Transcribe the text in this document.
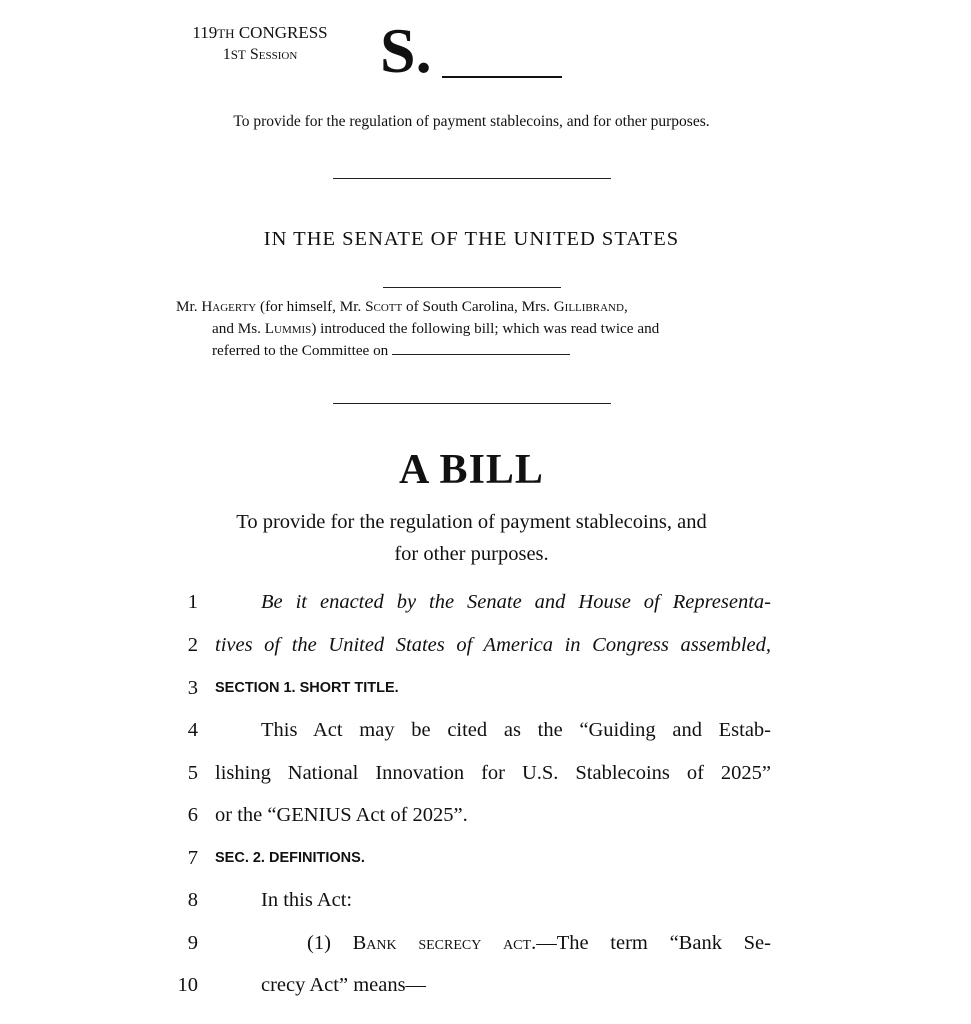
119TH CONGRESS
1ST Session	S.
To provide for the regulation of payment stablecoins, and for other purposes.
IN THE SENATE OF THE UNITED STATES
Mr. Hagerty (for himself, Mr. Scott of South Carolina, Mrs. Gillibrand,
and Ms. Lummis) introduced the following bill; which was read twice and
referred to the Committee on
A BILL
To provide for the regulation of payment stablecoins, and
for other purposes.
1	Be it enacted by the Senate and House of Representa-
2 tives of the United States of America in Congress assembled,
3 SECTION 1. SHORT TITLE.
4	This Act may be cited as the “Guiding and Estab-
5 lishing National Innovation for U.S. Stablecoins of 2025”
6 or the “GENIUS Act of 2025”.
7 SEC. 2. DEFINITIONS.
8	In this Act:
9	(1) Bank secrecy act.—The term “Bank Se-
10	crecy Act” means—
